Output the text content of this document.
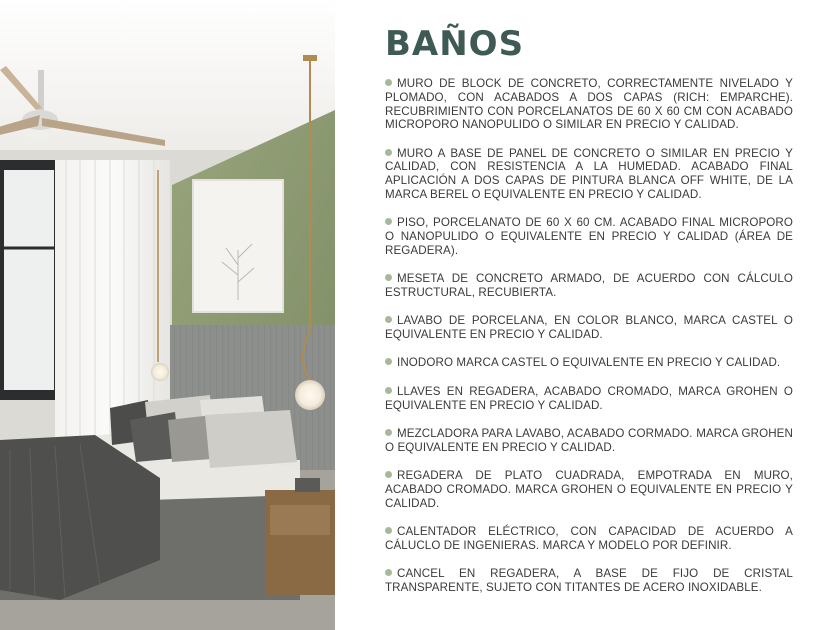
BAÑOS
MURO DE BLOCK DE CONCRETO, CORRECTAMENTE NIVELADO Y PLOMADO, CON ACABADOS A DOS CAPAS (RICH: EMPARCHE). RECUBRIMIENTO CON PORCELANATOS DE 60 X 60 CM CON ACABADO MICROPORO NANOPULIDO O SIMILAR EN PRECIO Y CALIDAD.
MURO A BASE DE PANEL DE CONCRETO O SIMILAR EN PRECIO Y CALIDAD, CON RESISTENCIA A LA HUMEDAD. ACABADO FINAL APLICACIÓN A DOS CAPAS DE PINTURA BLANCA OFF WHITE, DE LA MARCA BEREL O EQUIVALENTE EN PRECIO Y CALIDAD.
PISO, PORCELANATO DE 60 X 60 CM. ACABADO FINAL MICROPORO O NANOPULIDO O EQUIVALENTE EN PRECIO Y CALIDAD (ÁREA DE REGADERA).
MESETA DE CONCRETO ARMADO, DE ACUERDO CON CÁLCULO ESTRUCTURAL, RECUBIERTA.
LAVABO DE PORCELANA, EN COLOR BLANCO, MARCA CASTEL O EQUIVALENTE EN PRECIO Y CALIDAD.
INODORO MARCA CASTEL O EQUIVALENTE EN PRECIO Y CALIDAD.
LLAVES EN REGADERA, ACABADO CROMADO, MARCA GROHEN O EQUIVALENTE EN PRECIO Y CALIDAD.
MEZCLADORA PARA LAVABO, ACABADO CORMADO. MARCA GROHEN O EQUIVALENTE EN PRECIO Y CALIDAD.
REGADERA DE PLATO CUADRADA, EMPOTRADA EN MURO, ACABADO CROMADO. MARCA GROHEN O EQUIVALENTE EN PRECIO Y CALIDAD.
CALENTADOR ELÉCTRICO, CON CAPACIDAD DE ACUERDO A CÁLUCLO DE INGENIERAS. MARCA Y MODELO POR DEFINIR.
CANCEL EN REGADERA, A BASE DE FIJO DE CRISTAL TRANSPARENTE, SUJETO CON TITANTES DE ACERO INOXIDABLE.
